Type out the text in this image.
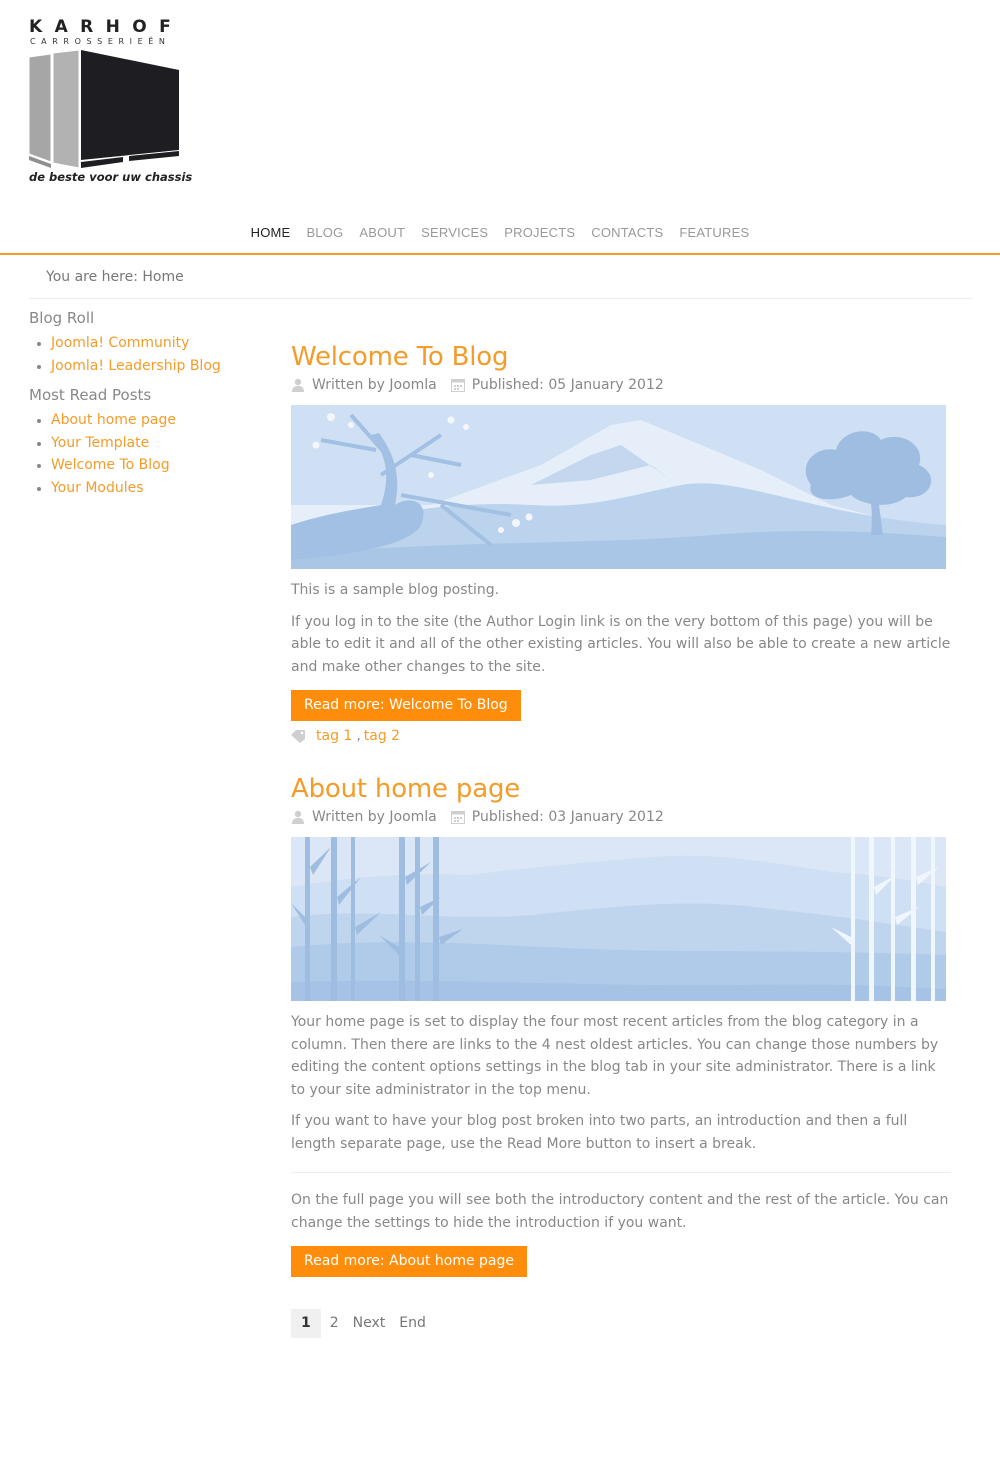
KARHOF
CARROSSERIEËN
de beste voor uw chassis
HOME	BLOG	ABOUT	SERVICES	PROJECTS	CONTACTS	FEATURES
You are here: Home
Blog Roll
Joomla! Community
Joomla! Leadership Blog
Most Read Posts
About home page
Your Template
Welcome To Blog
Your Modules
Welcome To Blog
Written by Joomla	Published: 05 January 2012

This is a sample blog posting.

If you log in to the site (the Author Login link is on the very bottom of this page) you will be able to edit it and all of the other existing articles. You will also be able to create a new article and make other changes to the site.

Read more: Welcome To Blog
tag 1 , tag 2
About home page
Written by Joomla	Published: 03 January 2012

Your home page is set to display the four most recent articles from the blog category in a column. Then there are links to the 4 nest oldest articles. You can change those numbers by editing the content options settings in the blog tab in your site administrator. There is a link to your site administrator in the top menu.

If you want to have your blog post broken into two parts, an introduction and then a full length separate page, use the Read More button to insert a break.

On the full page you will see both the introductory content and the rest of the article. You can change the settings to hide the introduction if you want.

Read more: About home page
1	2	Next	End
